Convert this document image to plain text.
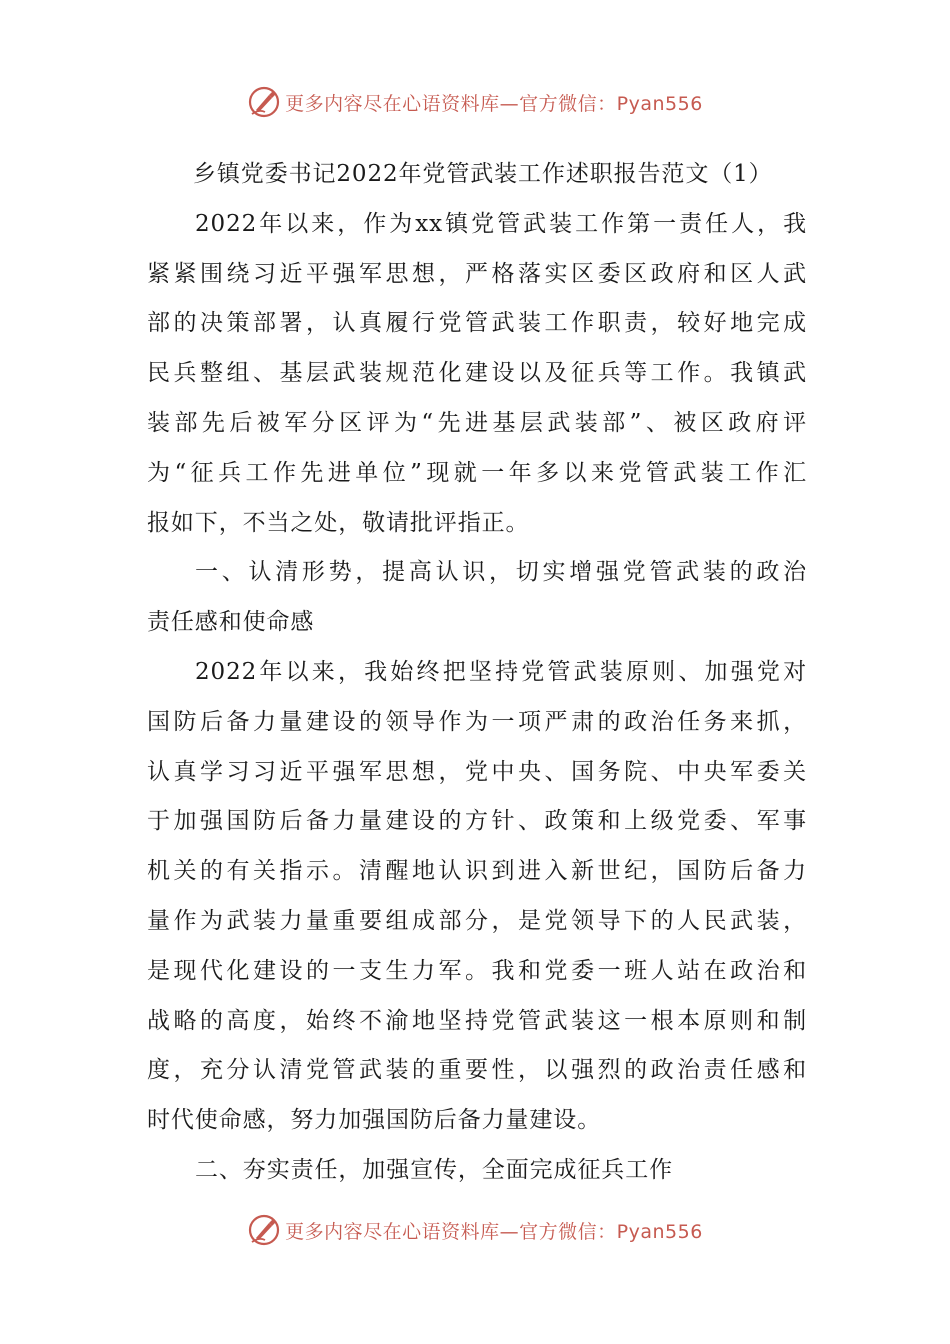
更多内容尽在心语资料库—官方微信：Pyan556
乡镇党委书记2022年党管武装工作述职报告范文（1）
2022年以来，作为xx镇党管武装工作第一责任人，我
紧紧围绕习近平强军思想，严格落实区委区政府和区人武
部的决策部署，认真履行党管武装工作职责，较好地完成
民兵整组、基层武装规范化建设以及征兵等工作。我镇武
装部先后被军分区评为“先进基层武装部”、被区政府评
为“征兵工作先进单位”现就一年多以来党管武装工作汇
报如下，不当之处，敬请批评指正。
一、认清形势，提高认识，切实增强党管武装的政治
责任感和使命感
2022年以来，我始终把坚持党管武装原则、加强党对
国防后备力量建设的领导作为一项严肃的政治任务来抓，
认真学习习近平强军思想，党中央、国务院、中央军委关
于加强国防后备力量建设的方针、政策和上级党委、军事
机关的有关指示。清醒地认识到进入新世纪，国防后备力
量作为武装力量重要组成部分，是党领导下的人民武装，
是现代化建设的一支生力军。我和党委一班人站在政治和
战略的高度，始终不渝地坚持党管武装这一根本原则和制
度，充分认清党管武装的重要性，以强烈的政治责任感和
时代使命感，努力加强国防后备力量建设。
二、夯实责任，加强宣传，全面完成征兵工作
更多内容尽在心语资料库—官方微信：Pyan556
